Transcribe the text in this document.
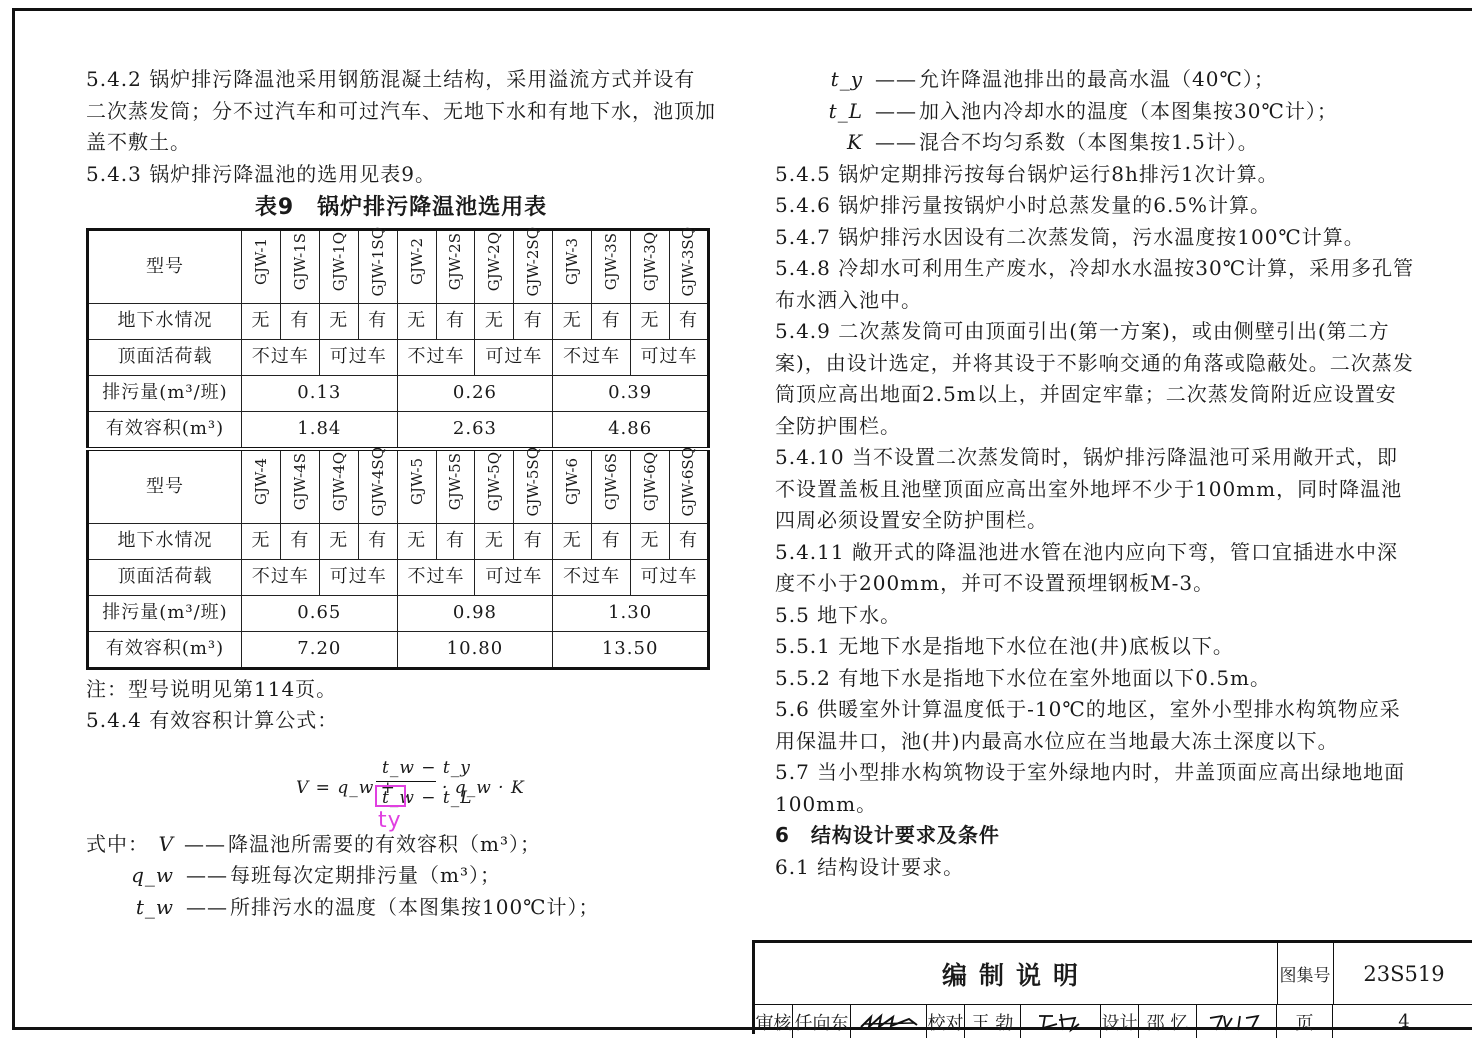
5.4.2 锅炉排污降温池采用钢筋混凝土结构，采用溢流方式并设有二次蒸发筒；分不过汽车和可过汽车、无地下水和有地下水，池顶加盖不敷土。

5.4.3 锅炉排污降温池的选用见表9。

表9　锅炉排污降温池选用表
型号	GJW-1	GJW-1S	GJW-1Q	GJW-1SQ	GJW-2	GJW-2S	GJW-2Q	GJW-2SQ	GJW-3	GJW-3S	GJW-3Q	GJW-3SQ
地下水情况	无	有	无	有	无	有	无	有	无	有	无	有
顶面活荷载	不过车		可过车		不过车		可过车		不过车		可过车	
排污量(m³/班)	0.13				0.26				0.39			
有效容积(m³)	1.84				2.63				4.86			
型号	GJW-4	GJW-4S	GJW-4Q	GJW-4SQ	GJW-5	GJW-5S	GJW-5Q	GJW-5SQ	GJW-6	GJW-6S	GJW-6Q	GJW-6SQ
地下水情况	无	有	无	有	无	有	无	有	无	有	无	有
顶面活荷载	不过车		可过车		不过车		可过车		不过车		可过车	
排污量(m³/班)	0.65				0.98				1.30			
有效容积(m³)	7.20				10.80				13.50			

注：型号说明见第114页。

5.4.4 有效容积计算公式：

V = q_w +
t_w − t_y
t_w − t_L
· q_w · K
ty
式中： V —— 降温池所需要的有效容积（m³）；
q_w —— 每班每次定期排污量（m³）；
t_w —— 所排污水的温度（本图集按100℃计）；
t_y —— 允许降温池排出的最高水温（40℃）；
t_L —— 加入池内冷却水的温度（本图集按30℃计）；
K —— 混合不均匀系数（本图集按1.5计）。

5.4.5 锅炉定期排污按每台锅炉运行8h排污1次计算。

5.4.6 锅炉排污量按锅炉小时总蒸发量的6.5%计算。

5.4.7 锅炉排污水因设有二次蒸发筒，污水温度按100℃计算。

5.4.8 冷却水可利用生产废水，冷却水水温按30℃计算，采用多孔管布水洒入池中。

5.4.9 二次蒸发筒可由顶面引出(第一方案)，或由侧壁引出(第二方案)，由设计选定，并将其设于不影响交通的角落或隐蔽处。二次蒸发筒顶应高出地面2.5m以上，并固定牢靠；二次蒸发筒附近应设置安全防护围栏。

5.4.10 当不设置二次蒸发筒时，锅炉排污降温池可采用敞开式，即不设置盖板且池壁顶面应高出室外地坪不少于100mm，同时降温池四周必须设置安全防护围栏。

5.4.11 敞开式的降温池进水管在池内应向下弯，管口宜插进水中深度不小于200mm，并可不设置预埋钢板M-3。

5.5 地下水。

5.5.1 无地下水是指地下水位在池(井)底板以下。

5.5.2 有地下水是指地下水位在室外地面以下0.5m。

5.6 供暖室外计算温度低于-10℃的地区，室外小型排水构筑物应采用保温井口，池(井)内最高水位应在当地最大冻土深度以下。

5.7 当小型排水构筑物设于室外绿地内时，井盖顶面应高出绿地地面100mm。

6　结构设计要求及条件

6.1 结构设计要求。

编制说明	图集号	23S519
审核 任向东	校对 王 勃	设计 邵 忆	页	4
